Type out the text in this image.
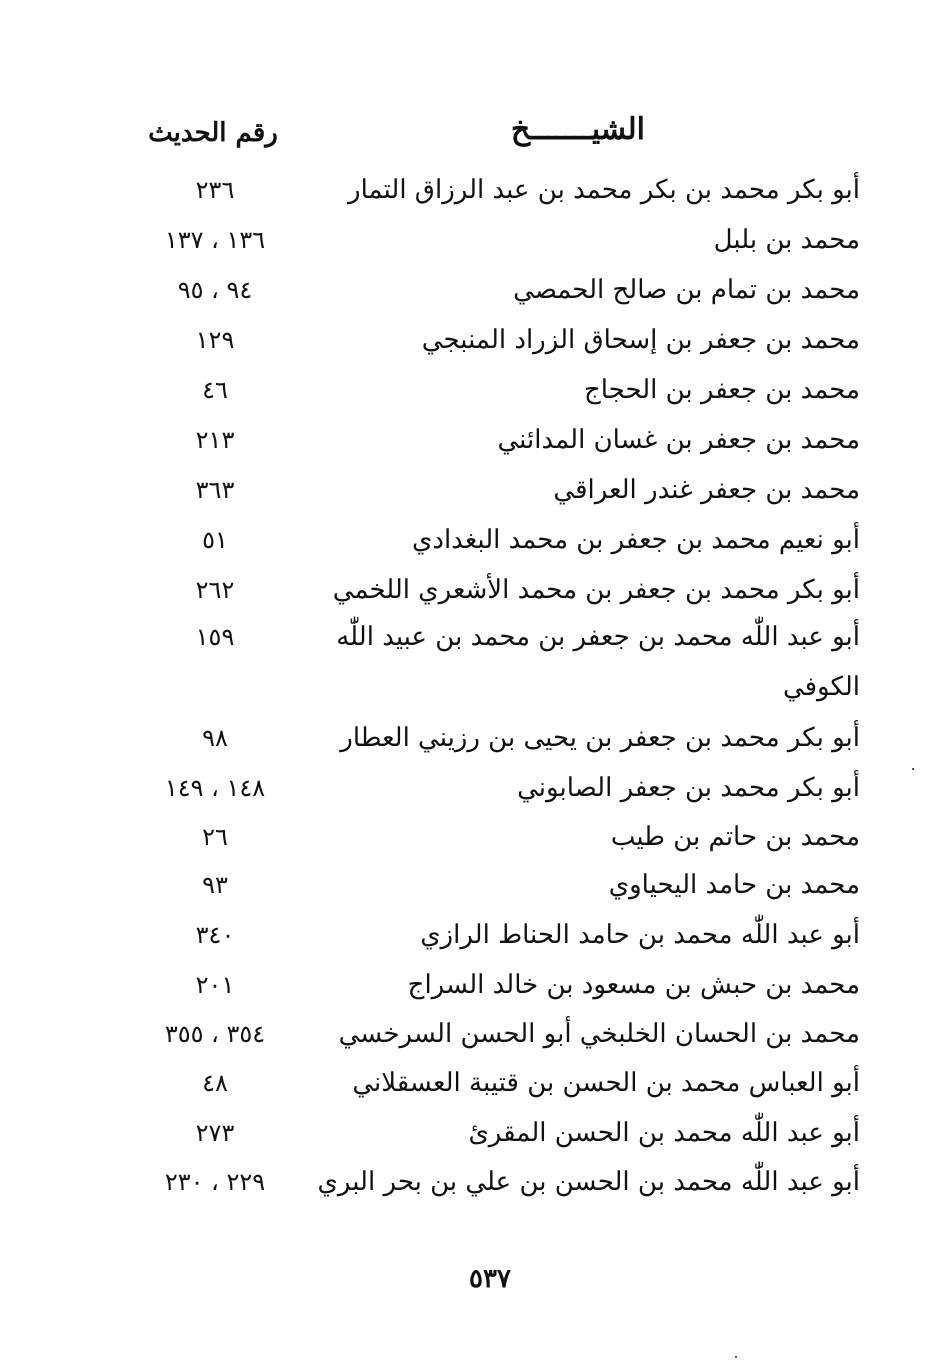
الشيـــــــخ
رقم الحديث
أبو بكر محمد بن بكر محمد بن عبد الرزاق التمار
٢٣٦
محمد بن بلبل
١٣٦ ، ١٣٧
محمد بن تمام بن صالح الحمصي
٩٤ ، ٩٥
محمد بن جعفر بن إسحاق الزراد المنبجي
١٢٩
محمد بن جعفر بن الحجاج
٤٦
محمد بن جعفر بن غسان المدائني
٢١٣
محمد بن جعفر غندر العراقي
٣٦٣
أبو نعيم محمد بن جعفر بن محمد البغدادي
٥١
أبو بكر محمد بن جعفر بن محمد الأشعري اللخمي
٢٦٢
أبو عبد اللّٰه محمد بن جعفر بن محمد بن عبيد اللّٰه
١٥٩
الكوفي
أبو بكر محمد بن جعفر بن يحيى بن رزيني العطار
٩٨
أبو بكر محمد بن جعفر الصابوني
١٤٨ ، ١٤٩
محمد بن حاتم بن طيب
٢٦
محمد بن حامد اليحياوي
٩٣
أبو عبد اللّٰه محمد بن حامد الحناط الرازي
٣٤٠
محمد بن حبش بن مسعود بن خالد السراج
٢٠١
محمد بن الحسان الخلبخي أبو الحسن السرخسي
٣٥٤ ، ٣٥٥
أبو العباس محمد بن الحسن بن قتيبة العسقلاني
٤٨
أبو عبد اللّٰه محمد بن الحسن المقرئ
٢٧٣
أبو عبد اللّٰه محمد بن الحسن بن علي بن بحر البري
٢٢٩ ، ٢٣٠
٥٣٧
